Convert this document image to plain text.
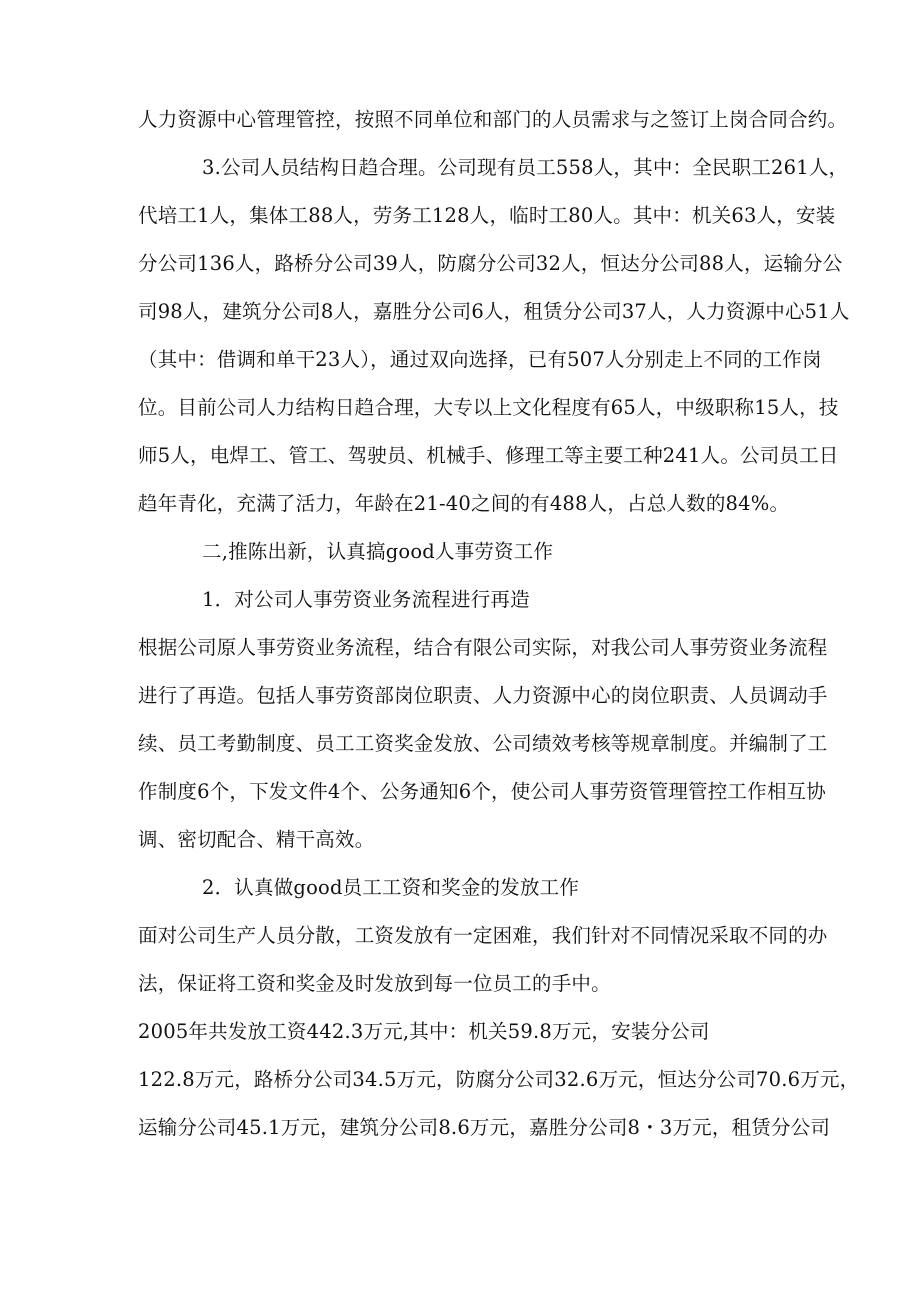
人力资源中心管理管控，按照不同单位和部门的人员需求与之签订上岗合同合约。
3.公司人员结构日趋合理。公司现有员工558人，其中：全民职工261人，
代培工1人，集体工88人，劳务工128人，临时工80人。其中：机关63人，安装
分公司136人，路桥分公司39人，防腐分公司32人，恒达分公司88人，运输分公
司98人，建筑分公司8人，嘉胜分公司6人，租赁分公司37人，人力资源中心51人
（其中：借调和单干23人），通过双向选择，已有507人分别走上不同的工作岗
位。目前公司人力结构日趋合理，大专以上文化程度有65人，中级职称15人，技
师5人，电焊工、管工、驾驶员、机械手、修理工等主要工种241人。公司员工日
趋年青化，充满了活力，年龄在21-40之间的有488人，占总人数的84%。
二,推陈出新，认真搞good人事劳资工作
1．对公司人事劳资业务流程进行再造
根据公司原人事劳资业务流程，结合有限公司实际，对我公司人事劳资业务流程
进行了再造。包括人事劳资部岗位职责、人力资源中心的岗位职责、人员调动手
续、员工考勤制度、员工工资奖金发放、公司绩效考核等规章制度。并编制了工
作制度6个，下发文件4个、公务通知6个，使公司人事劳资管理管控工作相互协
调、密切配合、精干高效。
2．认真做good员工工资和奖金的发放工作
面对公司生产人员分散，工资发放有一定困难，我们针对不同情况采取不同的办
法，保证将工资和奖金及时发放到每一位员工的手中。
2005年共发放工资442.3万元,其中：机关59.8万元，安装分公司
122.8万元，路桥分公司34.5万元，防腐分公司32.6万元，恒达分公司70.6万元，
运输分公司45.1万元，建筑分公司8.6万元，嘉胜分公司8・3万元，租赁分公司
